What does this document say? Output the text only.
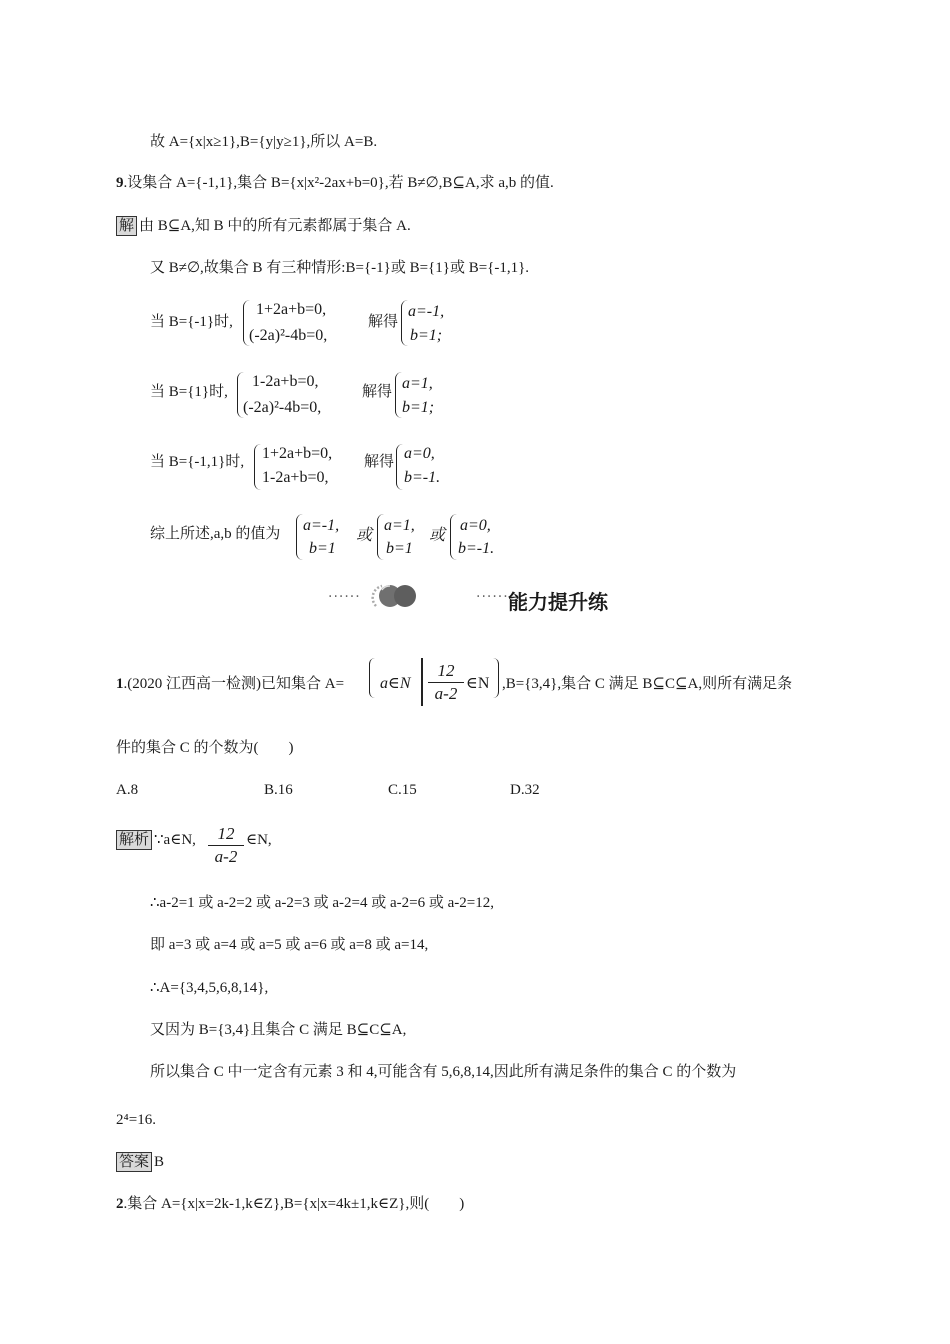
故 A={x|x≥1},B={y|y≥1},所以 A=B.
9.设集合 A={-1,1},集合 B={x|x²-2ax+b=0},若 B≠∅,B⊆A,求 a,b 的值.
解 由 B⊆A,知 B 中的所有元素都属于集合 A.
又 B≠∅,故集合 B 有三种情形:B={-1}或 B={1}或 B={-1,1}.
当 B={-1}时,
1+2a+b=0,
(-2a)²-4b=0,
解得
a=-1,
b=1;
当 B={1}时,
1-2a+b=0,
(-2a)²-4b=0,
解得 a=1,
b=1;
当 B={-1,1}时, 1+2a+b=0,
1-2a+b=0,
解得 a=0,
b=-1.
综上所述,a,b 的值为 a=-1,
b=1
或
a=1,
b=1
或
a=0,
b=-1.
······	······ 能力提升练
1.(2020 江西高一检测)已知集合 A= a∈N
12
a-2
∈N ,B={3,4},集合 C 满足 B⊆C⊆A,则所有满足条
件的集合 C 的个数为(　　)
A.8	B.16	C.15	D.32
解析 ∵a∈N,	12
a-2
∈N,
∴a-2=1 或 a-2=2 或 a-2=3 或 a-2=4 或 a-2=6 或 a-2=12,
即 a=3 或 a=4 或 a=5 或 a=6 或 a=8 或 a=14,
∴A={3,4,5,6,8,14},
又因为 B={3,4}且集合 C 满足 B⊆C⊆A,
所以集合 C 中一定含有元素 3 和 4,可能含有 5,6,8,14,因此所有满足条件的集合 C 的个数为
2⁴=16.
答案 B
2.集合 A={x|x=2k-1,k∈Z},B={x|x=4k±1,k∈Z},则(　　)
